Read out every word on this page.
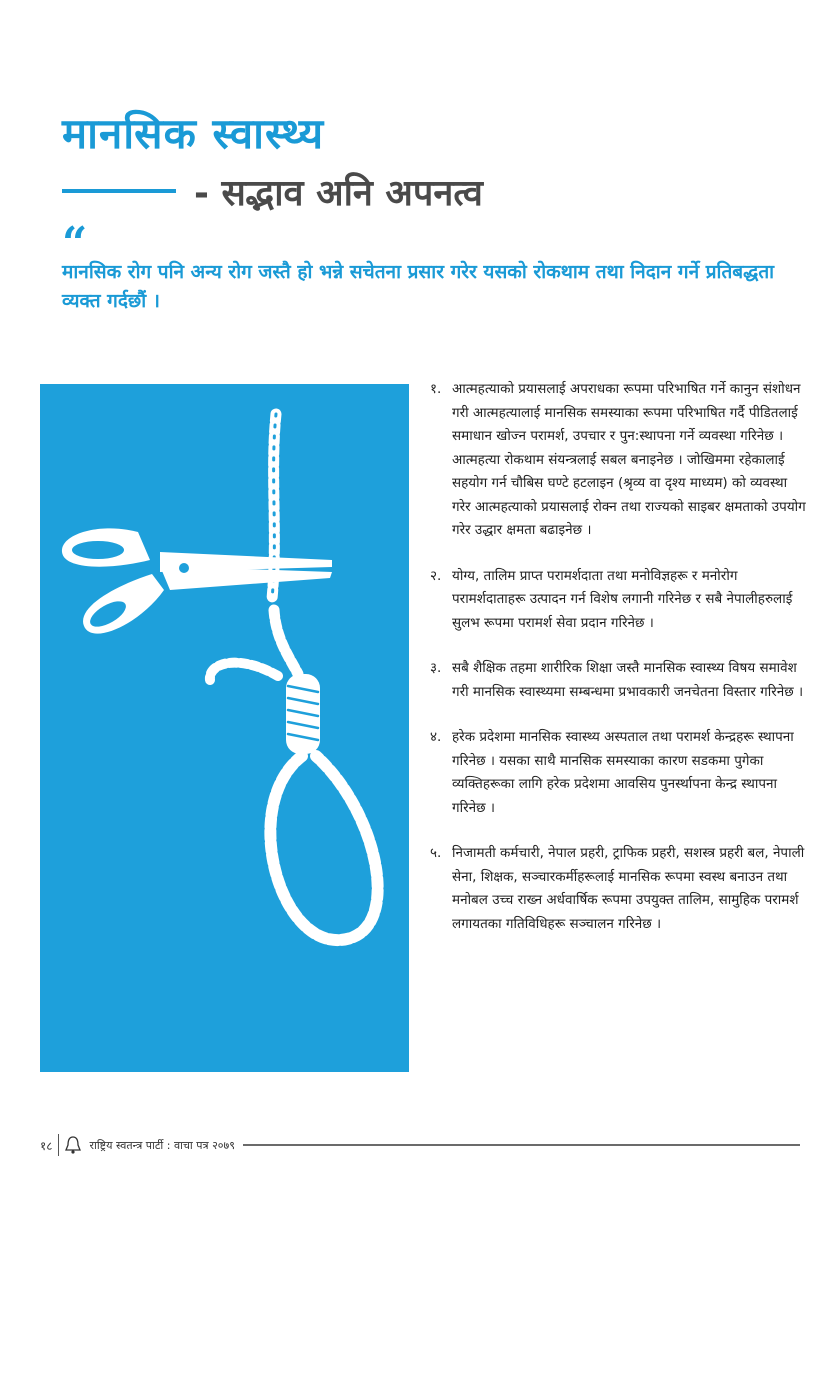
मानसिक स्वास्थ्य
- सद्भाव अनि अपनत्व
“
मानसिक रोग पनि अन्य रोग जस्तै हो भन्ने सचेतना प्रसार गरेर यसको रोकथाम तथा निदान गर्ने प्रतिबद्धता व्यक्त गर्दछौं ।
आत्महत्या
रोकथाम
संयन्त्रलाई
सबल
बनाइनेछ
१. आत्महत्याको प्रयासलाई अपराधका रूपमा परिभाषित गर्ने कानुन संशोधन गरी आत्महत्यालाई मानसिक समस्याका रूपमा परिभाषित गर्दै पीडितलाई समाधान खोज्न परामर्श, उपचार र पुन:स्थापना गर्ने व्यवस्था गरिनेछ । आत्महत्या रोकथाम संयन्त्रलाई सबल बनाइनेछ । जोखिममा रहेकालाई सहयोग गर्न चौबिस घण्टे हटलाइन (श्रृव्य वा दृश्य माध्यम) को व्यवस्था गरेर आत्महत्याको प्रयासलाई रोक्न तथा राज्यको साइबर क्षमताको उपयोग गरेर उद्धार क्षमता बढाइनेछ ।
२. योग्य, तालिम प्राप्त परामर्शदाता तथा मनोविज्ञहरू र मनोरोग परामर्शदाताहरू उत्पादन गर्न विशेष लगानी गरिनेछ र सबै नेपालीहरुलाई सुलभ रूपमा परामर्श सेवा प्रदान गरिनेछ ।
३. सबै शैक्षिक तहमा शारीरिक शिक्षा जस्तै मानसिक स्वास्थ्य विषय समावेश गरी मानसिक स्वास्थ्यमा सम्बन्धमा प्रभावकारी जनचेतना विस्तार गरिनेछ ।
४. हरेक प्रदेशमा मानसिक स्वास्थ्य अस्पताल तथा परामर्श केन्द्रहरू स्थापना गरिनेछ । यसका साथै मानसिक समस्याका कारण सडकमा पुगेका व्यक्तिहरूका लागि हरेक प्रदेशमा आवसिय पुनर्स्थापना केन्द्र स्थापना गरिनेछ ।
५. निजामती कर्मचारी, नेपाल प्रहरी, ट्राफिक प्रहरी, सशस्त्र प्रहरी बल, नेपाली सेना, शिक्षक, सञ्चारकर्मीहरूलाई मानसिक रूपमा स्वस्थ बनाउन तथा मनोबल उच्च राख्न अर्धवार्षिक रूपमा उपयुक्त तालिम, सामुहिक परामर्श लगायतका गतिविधिहरू सञ्चालन गरिनेछ ।
१८	राष्ट्रिय स्वतन्त्र पार्टी : वाचा पत्र २०७९
